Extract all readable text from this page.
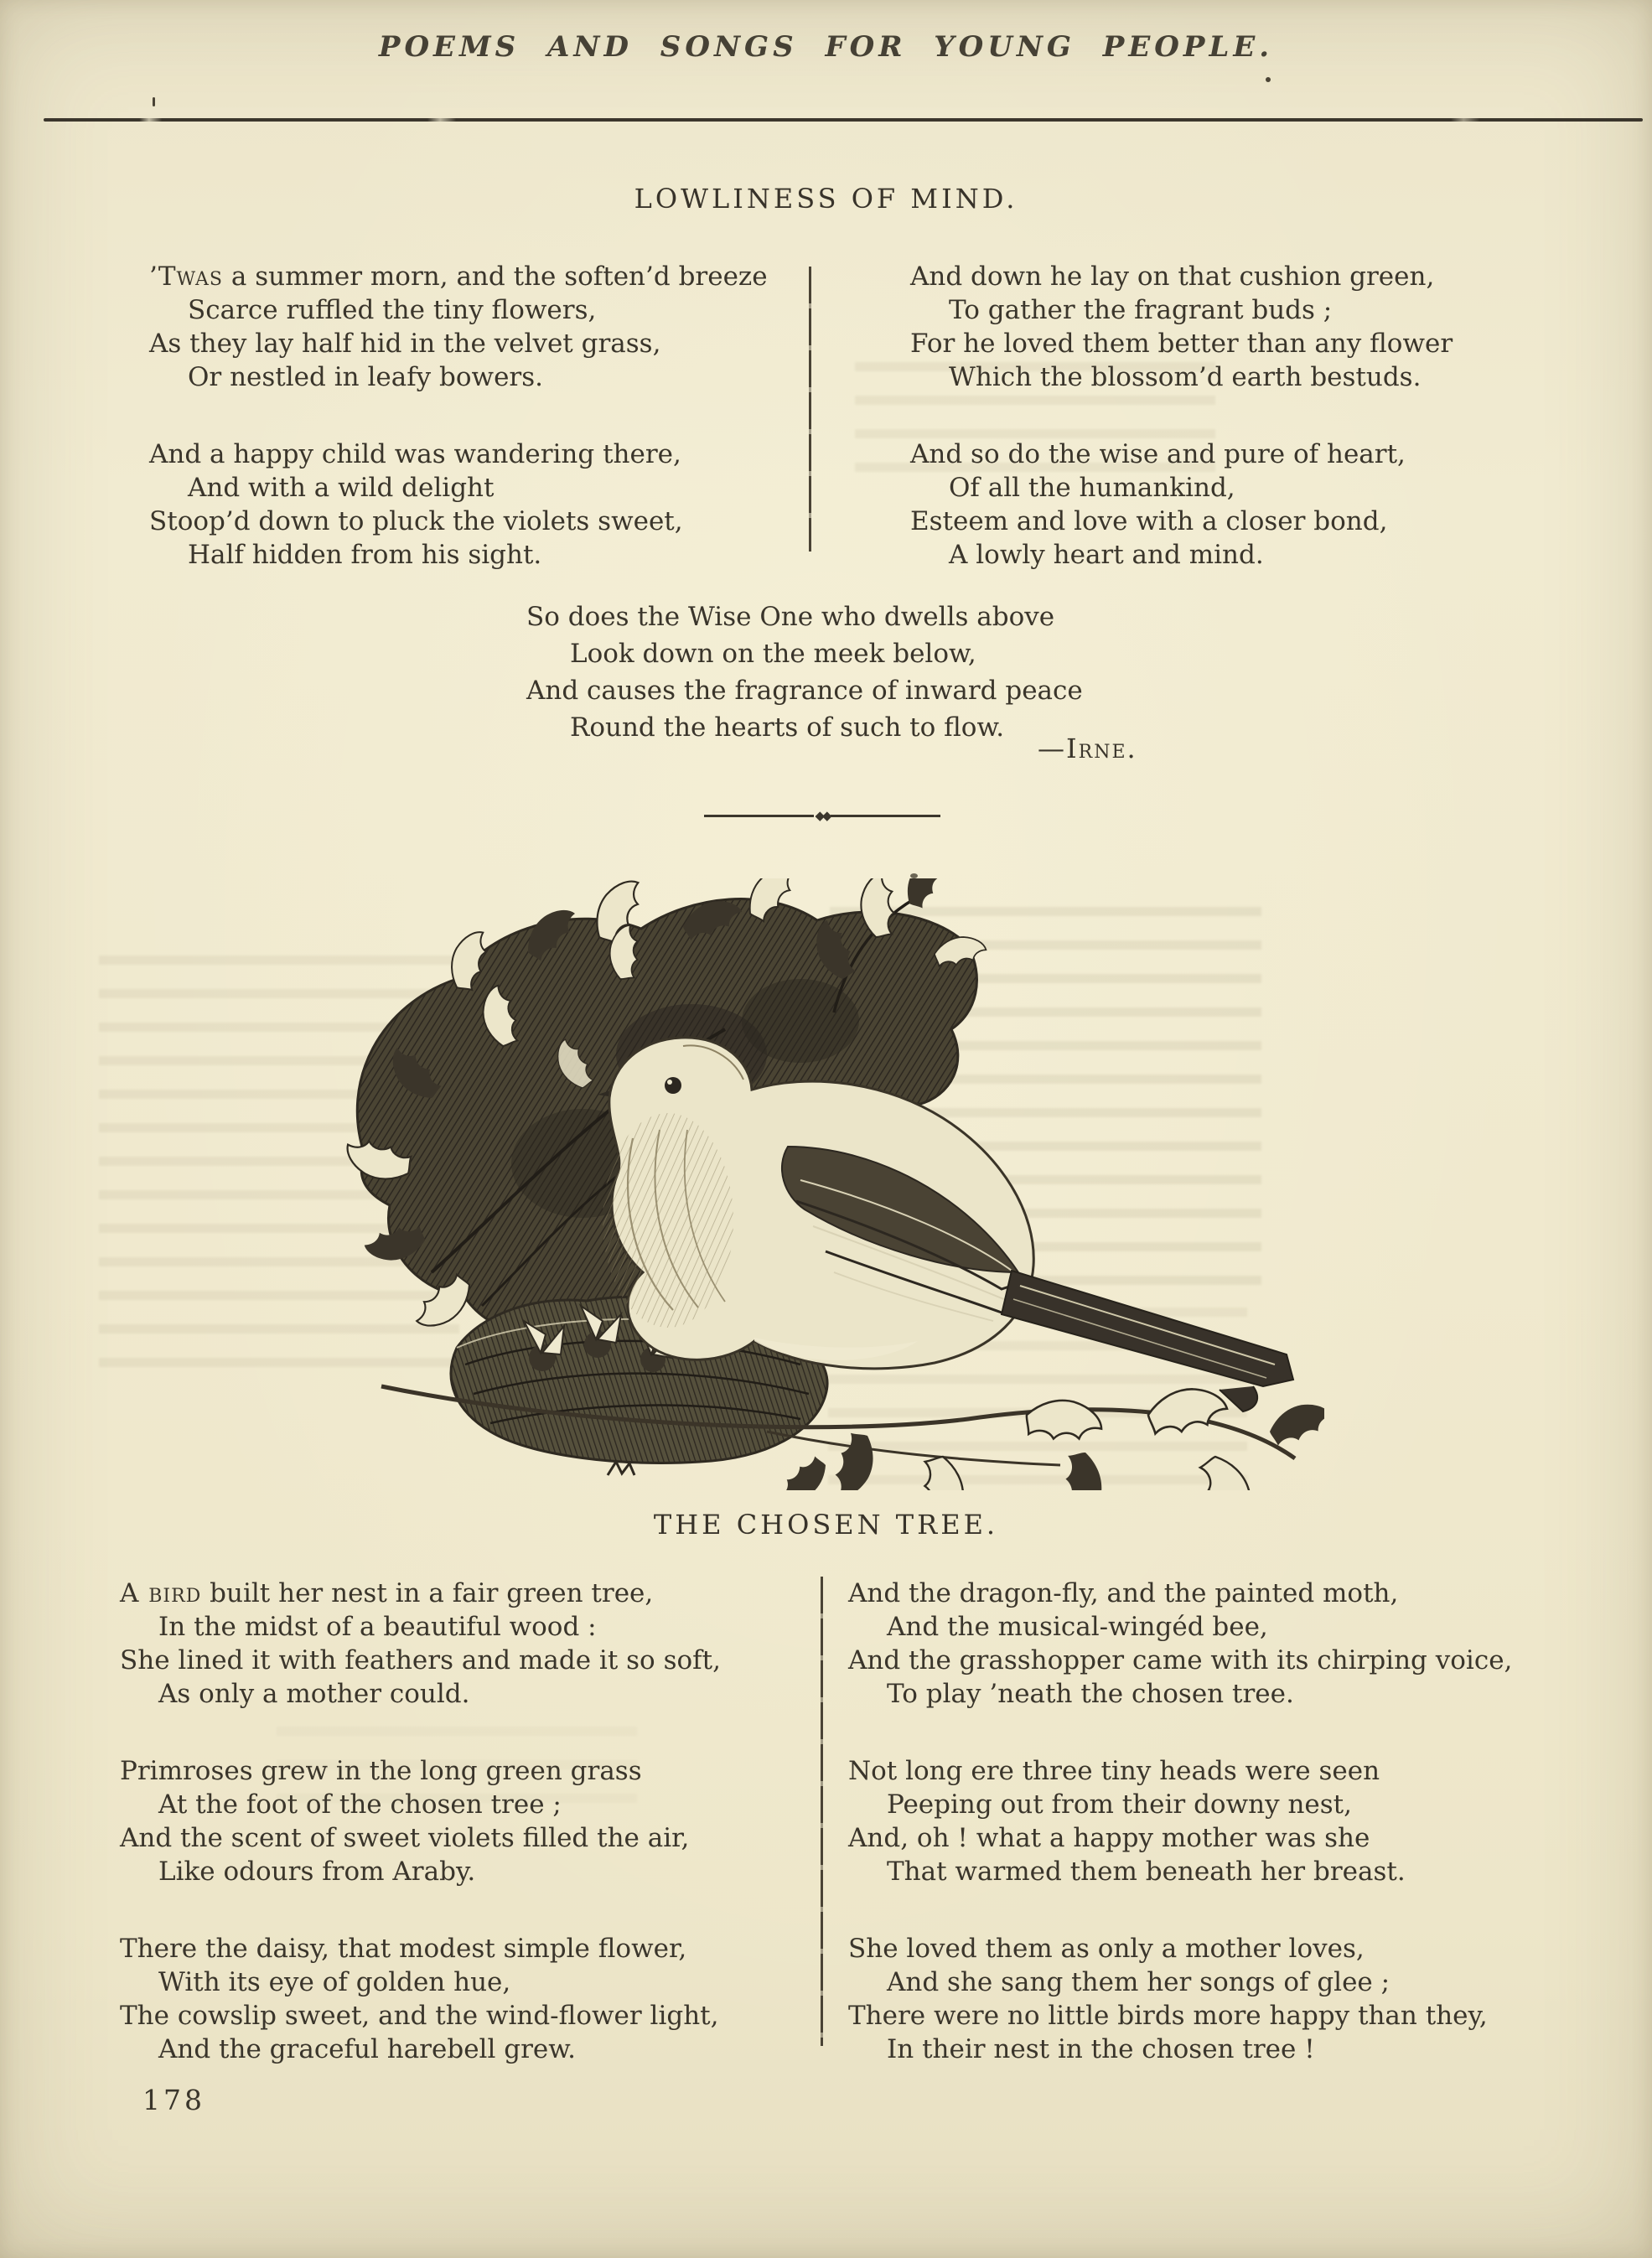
POEMS AND SONGS FOR YOUNG PEOPLE.
LOWLINESS OF MIND.

’Twas a summer morn, and the soften’d breeze

Scarce ruffled the tiny flowers,

As they lay half hid in the velvet grass,

Or nestled in leafy bowers.

And a happy child was wandering there,

And with a wild delight

Stoop’d down to pluck the violets sweet,

Half hidden from his sight.

And down he lay on that cushion green,

To gather the fragrant buds ;

For he loved them better than any flower

Which the blossom’d earth bestuds.

And so do the wise and pure of heart,

Of all the humankind,

Esteem and love with a closer bond,

A lowly heart and mind.

So does the Wise One who dwells above

Look down on the meek below,

And causes the fragrance of inward peace

Round the hearts of such to flow.

—Irne.
◆◆
THE CHOSEN TREE.

A bird built her nest in a fair green tree,

In the midst of a beautiful wood :

She lined it with feathers and made it so soft,

As only a mother could.

Primroses grew in the long green grass

At the foot of the chosen tree ;

And the scent of sweet violets filled the air,

Like odours from Araby.

There the daisy, that modest simple flower,

With its eye of golden hue,

The cowslip sweet, and the wind-flower light,

And the graceful harebell grew.

And the dragon-fly, and the painted moth,

And the musical-wingéd bee,

And the grasshopper came with its chirping voice,

To play ’neath the chosen tree.

Not long ere three tiny heads were seen

Peeping out from their downy nest,

And, oh ! what a happy mother was she

That warmed them beneath her breast.

She loved them as only a mother loves,

And she sang them her songs of glee ;

There were no little birds more happy than they,

In their nest in the chosen tree !

178
